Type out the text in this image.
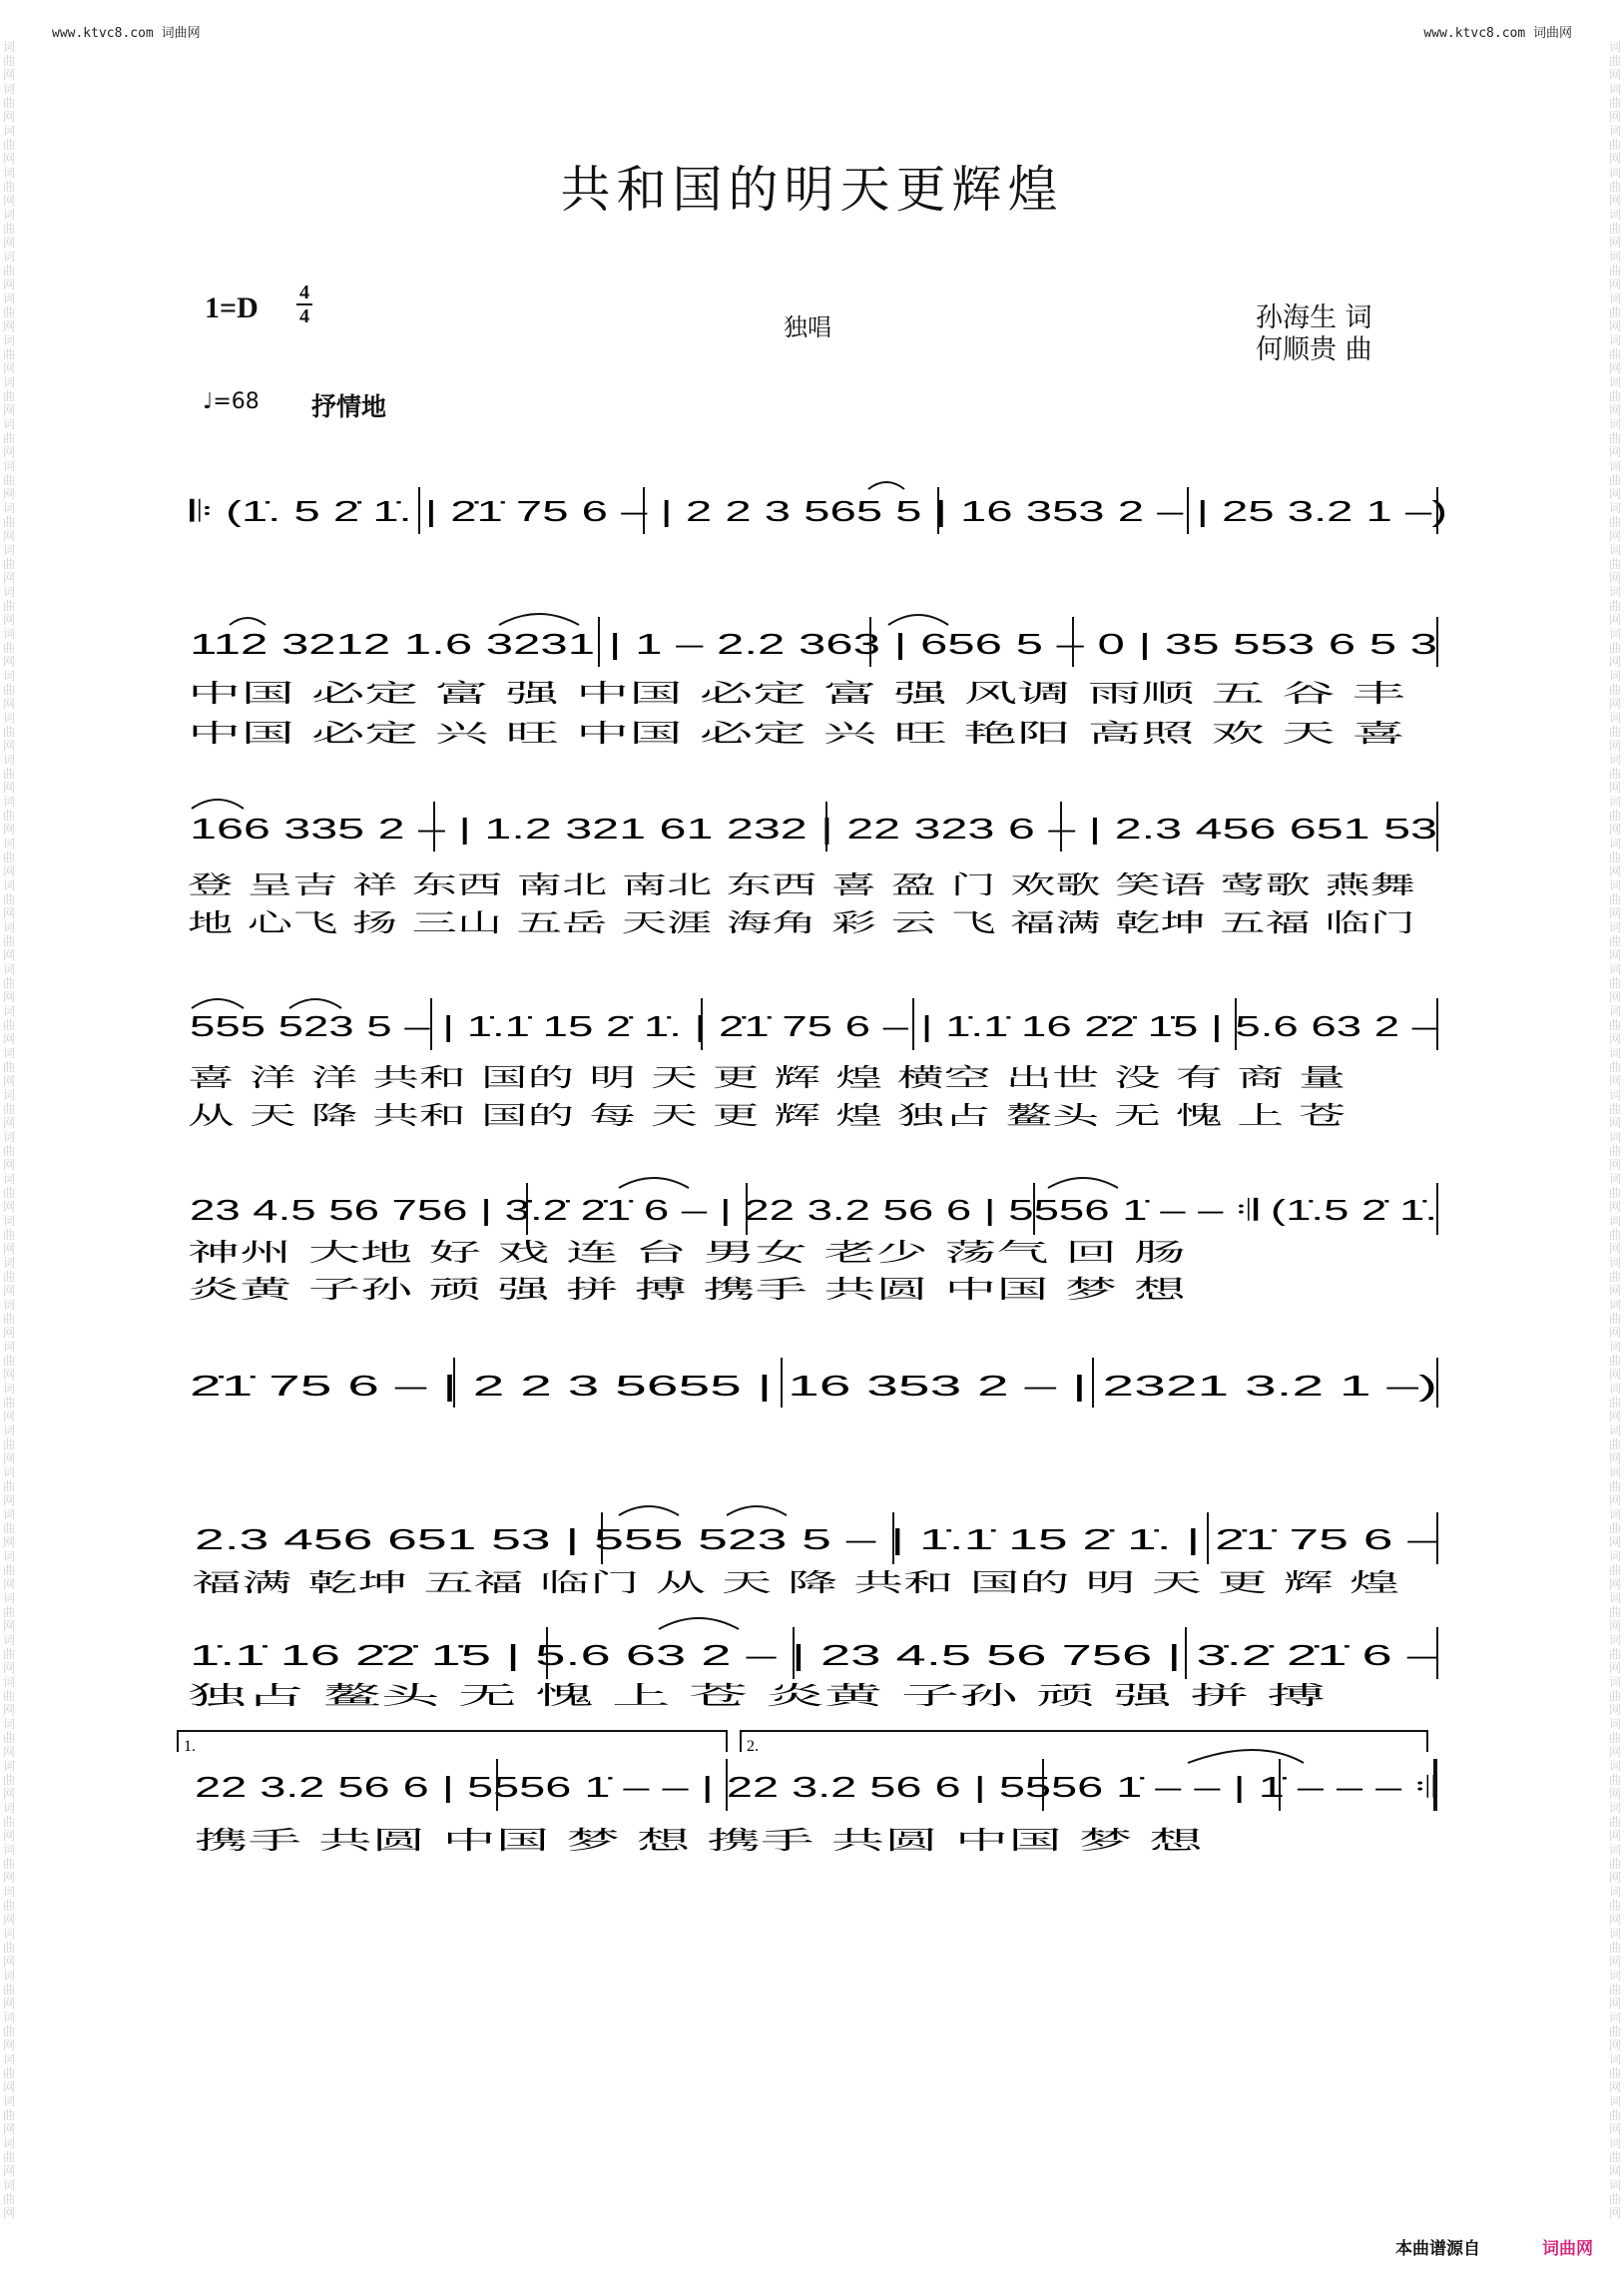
www.ktvc8.com 词曲网	www.ktvc8.com 词曲网
词曲网词曲网词曲网词曲网词曲网词曲网词曲网词曲网词曲网词曲网词曲网词曲网词曲网词曲网词曲网词曲网词曲网词曲网词曲网词曲网词曲网词曲网词曲网词曲网词曲网词曲网词曲网词曲网词曲网词曲网词曲网词曲网词曲网词曲网词曲网词曲网词曲网词曲网词曲网词曲网词曲网词曲网词曲网词曲网词曲网词曲网词曲网词曲网词曲网词曲网词曲网词曲网
词曲网词曲网词曲网词曲网词曲网词曲网词曲网词曲网词曲网词曲网词曲网词曲网词曲网词曲网词曲网词曲网词曲网词曲网词曲网词曲网词曲网词曲网词曲网词曲网词曲网词曲网词曲网词曲网词曲网词曲网词曲网词曲网词曲网词曲网词曲网词曲网词曲网词曲网词曲网词曲网词曲网词曲网词曲网词曲网词曲网词曲网词曲网词曲网词曲网词曲网词曲网词曲网
共和国的明天更辉煌
1=D 4
4	独唱	孙海生 词
何顺贵 曲
♩=68 抒情地
𝄆 (1̇. 5 2̇ 1̇. | 2̇1̇ 75 6 – | 2 2 3 565 5 | 16 353 2 – | 25 3.2 1 –)
112 3212 1.6 3231 | 1 – 2.2 363 | 656 5 – 0 | 35 553 6 5 3
中国 必定 富 强 中国 必定 富 强 风调 雨顺 五 谷 丰
中国 必定 兴 旺 中国 必定 兴 旺 艳阳 高照 欢 天 喜
166 335 2 – | 1.2 321 61 232 | 22 323 6 – | 2.3 456 651 53
登 呈吉 祥 东西 南北 南北 东西 喜 盈 门 欢歌 笑语 莺歌 燕舞
地 心飞 扬 三山 五岳 天涯 海角 彩 云 飞 福满 乾坤 五福 临门
555 523 5 – | 1̇.1̇ 15 2̇ 1̇. | 2̇1̇ 75 6 – | 1̇.1̇ 16 2̇2̇ 1̇5 | 5.6 63 2 –
喜 洋 洋 共和 国的 明 天 更 辉 煌 横空 出世 没 有 商 量
从 天 降 共和 国的 每 天 更 辉 煌 独占 鳌头 无 愧 上 苍
23 4.5 56 756 | 3̇.2̇ 2̇1̇ 6 – | 22 3.2 56 6 | 5556 1̇ – – 𝄇 (1̇.5 2̇ 1̇.
神州 大地 好 戏 连 台 男女 老少 荡气 回 肠
炎黄 子孙 顽 强 拼 搏 携手 共圆 中国 梦 想
2̇1̇ 75 6 – | 2 2 3 5655 | 16 353 2 – | 2321 3.2 1 –)
2.3 456 651 53 | 555 523 5 – | 1̇.1̇ 15 2̇ 1̇. | 2̇1̇ 75 6 –
福满 乾坤 五福 临门 从 天 降 共和 国的 明 天 更 辉 煌
1̇.1̇ 16 2̇2̇ 1̇5 | 5.6 63 2 – | 23 4.5 56 756 | 3̇.2̇ 2̇1̇ 6 –
独占 鳌头 无 愧 上 苍 炎黄 子孙 顽 强 拼 搏
1.	2.
22 3.2 56 6 | 5556 1̇ – – | 22 3.2 56 6 | 5556 1̇ – – | 1̇ – – – 𝄇
携手 共圆 中国 梦 想 携手 共圆 中国 梦 想
本曲谱源自	词曲网
